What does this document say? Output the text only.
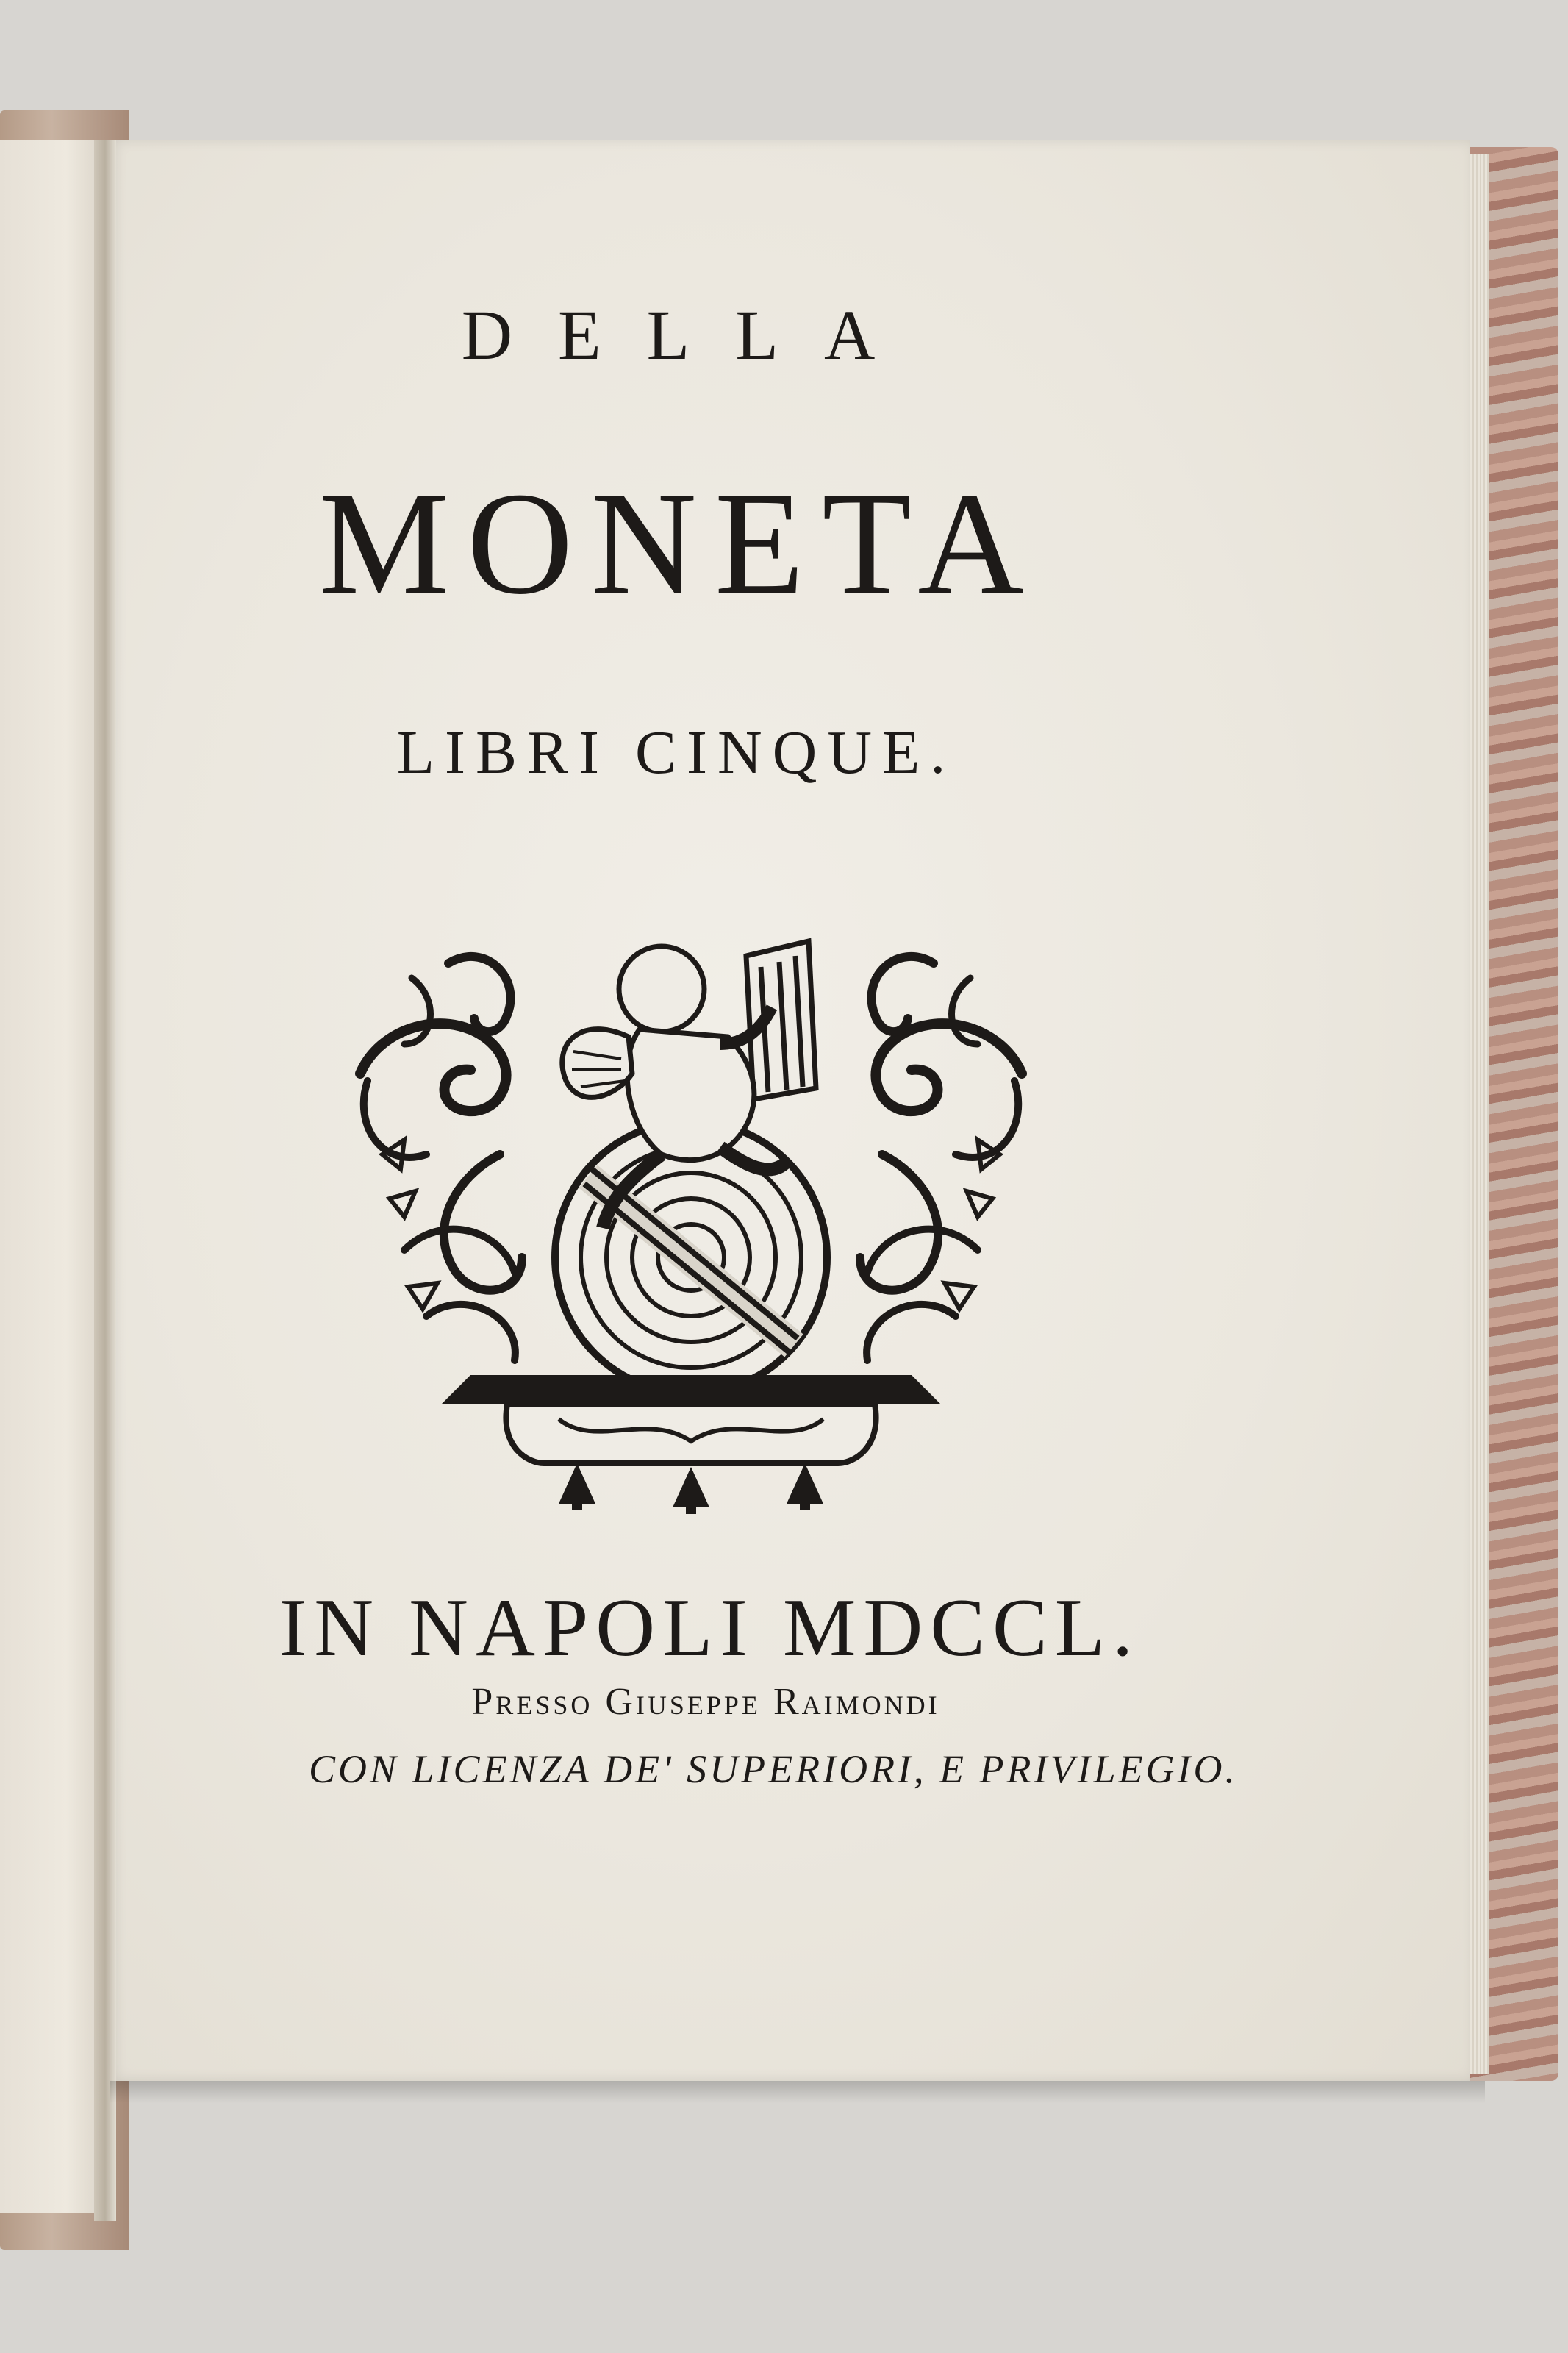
DELLA
MONETA
LIBRI CINQUE.
IN NAPOLI MDCCL.
Presso Giuseppe Raimondi
CON LICENZA DE' SUPERIORI, E PRIVILEGIO.
